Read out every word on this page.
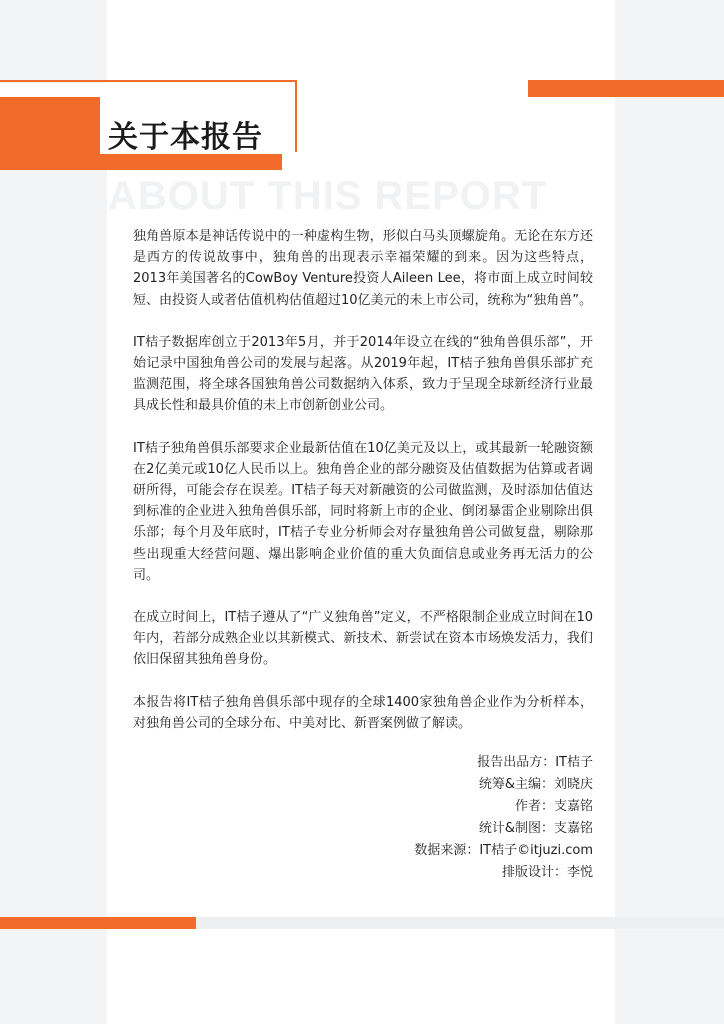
关于本报告
ABOUT THIS REPORT

独角兽原本是神话传说中的一种虚构生物，形似白马头顶螺旋角。无论在东方还是西方的传说故事中，独角兽的出现表示幸福荣耀的到来。因为这些特点，2013年美国著名的CowBoy Venture投资人Aileen Lee，将市面上成立时间较短、由投资人或者估值机构估值超过10亿美元的未上市公司，统称为“独角兽”。

IT桔子数据库创立于2013年5月，并于2014年设立在线的“独角兽俱乐部”，开始记录中国独角兽公司的发展与起落。从2019年起，IT桔子独角兽俱乐部扩充监测范围，将全球各国独角兽公司数据纳入体系，致力于呈现全球新经济行业最具成长性和最具价值的未上市创新创业公司。

IT桔子独角兽俱乐部要求企业最新估值在10亿美元及以上，或其最新一轮融资额在2亿美元或10亿人民币以上。独角兽企业的部分融资及估值数据为估算或者调研所得，可能会存在误差。IT桔子每天对新融资的公司做监测，及时添加估值达到标准的企业进入独角兽俱乐部，同时将新上市的企业、倒闭暴雷企业剔除出俱乐部；每个月及年底时，IT桔子专业分析师会对存量独角兽公司做复盘，剔除那些出现重大经营问题、爆出影响企业价值的重大负面信息或业务再无活力的公司。

在成立时间上，IT桔子遵从了“广义独角兽”定义，不严格限制企业成立时间在10年内，若部分成熟企业以其新模式、新技术、新尝试在资本市场焕发活力，我们依旧保留其独角兽身份。

本报告将IT桔子独角兽俱乐部中现存的全球1400家独角兽企业作为分析样本，对独角兽公司的全球分布、中美对比、新晋案例做了解读。

报告出品方：IT桔子
统筹&主编：刘晓庆
作者：支嘉铭
统计&制图：支嘉铭
数据来源：IT桔子©itjuzi.com
排版设计：李悦
